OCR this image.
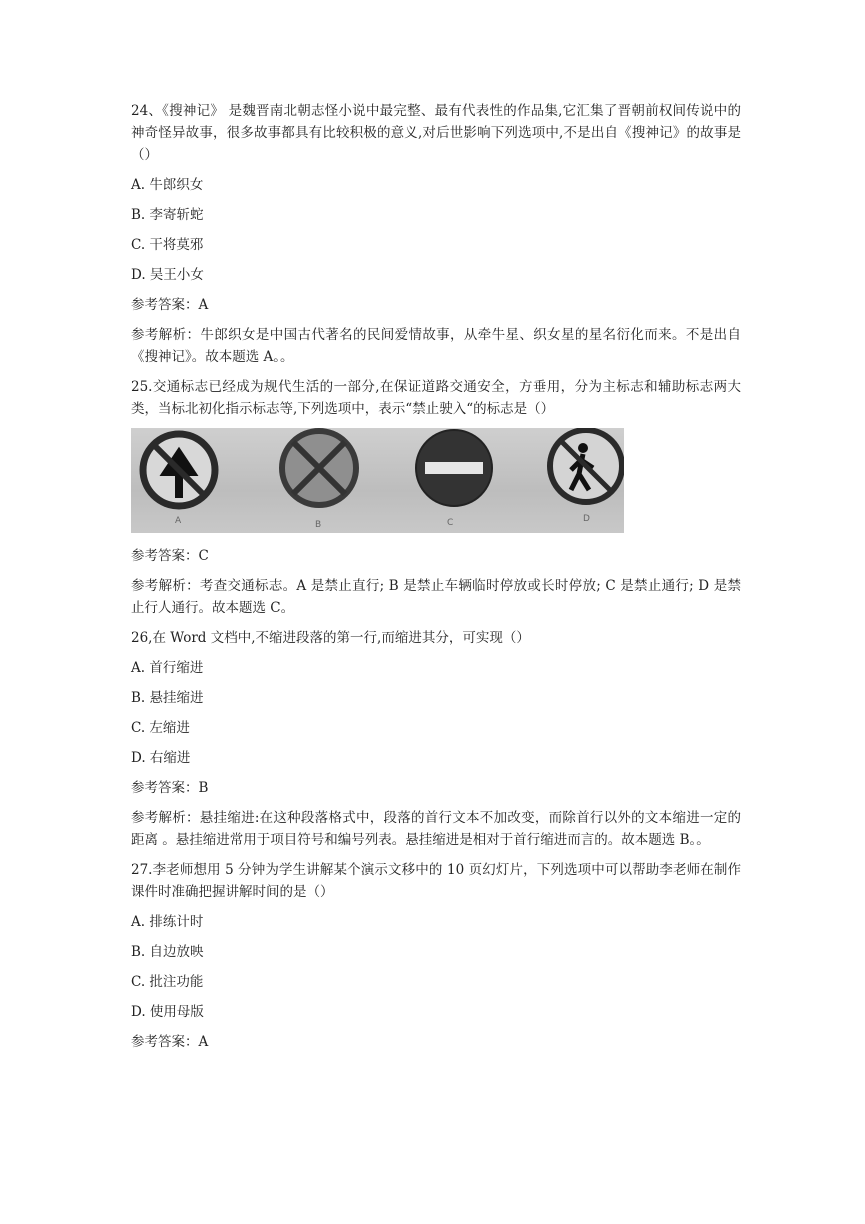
24、《搜神记》 是魏晋南北朝志怪小说中最完整、最有代表性的作品集,它汇集了晋朝前权间传说中的神奇怪异故事，很多故事都具有比较积极的意义,对后世影响下列选项中,不是出自《搜神记》的故事是（）

A. 牛郎织女

B. 李寄斩蛇

C. 干将莫邪

D. 吴王小女

参考答案：A

参考解析：牛郎织女是中国古代著名的民间爱情故事，从牵牛星、织女星的星名衍化而来。不是出自《搜神记》。故本题选 A。。

25.交通标志已经成为规代生活的一部分,在保证道路交通安全，方垂用，分为主标志和辅助标志两大类，当标北初化指示标志等,下列选项中，表示“禁止驶入“的标志是（）

A	B	C	D

参考答案：C

参考解析：考查交通标志。A 是禁止直行; B 是禁止车辆临时停放或长时停放; C 是禁止通行; D 是禁止行人通行。故本题选 C。

26,在 Word 文档中,不缩进段落的第一行,而缩进其分，可实现（）

A. 首行缩进

B. 悬挂缩进

C. 左缩进

D. 右缩进

参考答案：B

参考解析：悬挂缩进:在这种段落格式中，段落的首行文本不加改变，而除首行以外的文本缩进一定的距离 。悬挂缩进常用于项目符号和编号列表。悬挂缩进是相对于首行缩进而言的。故本题选 B。。

27.李老师想用 5 分钟为学生讲解某个演示文移中的 10 页幻灯片，下列选项中可以帮助李老师在制作课件时准确把握讲解时间的是（）

A. 排练计时

B. 自边放映

C. 批注功能

D. 使用母版

参考答案：A
